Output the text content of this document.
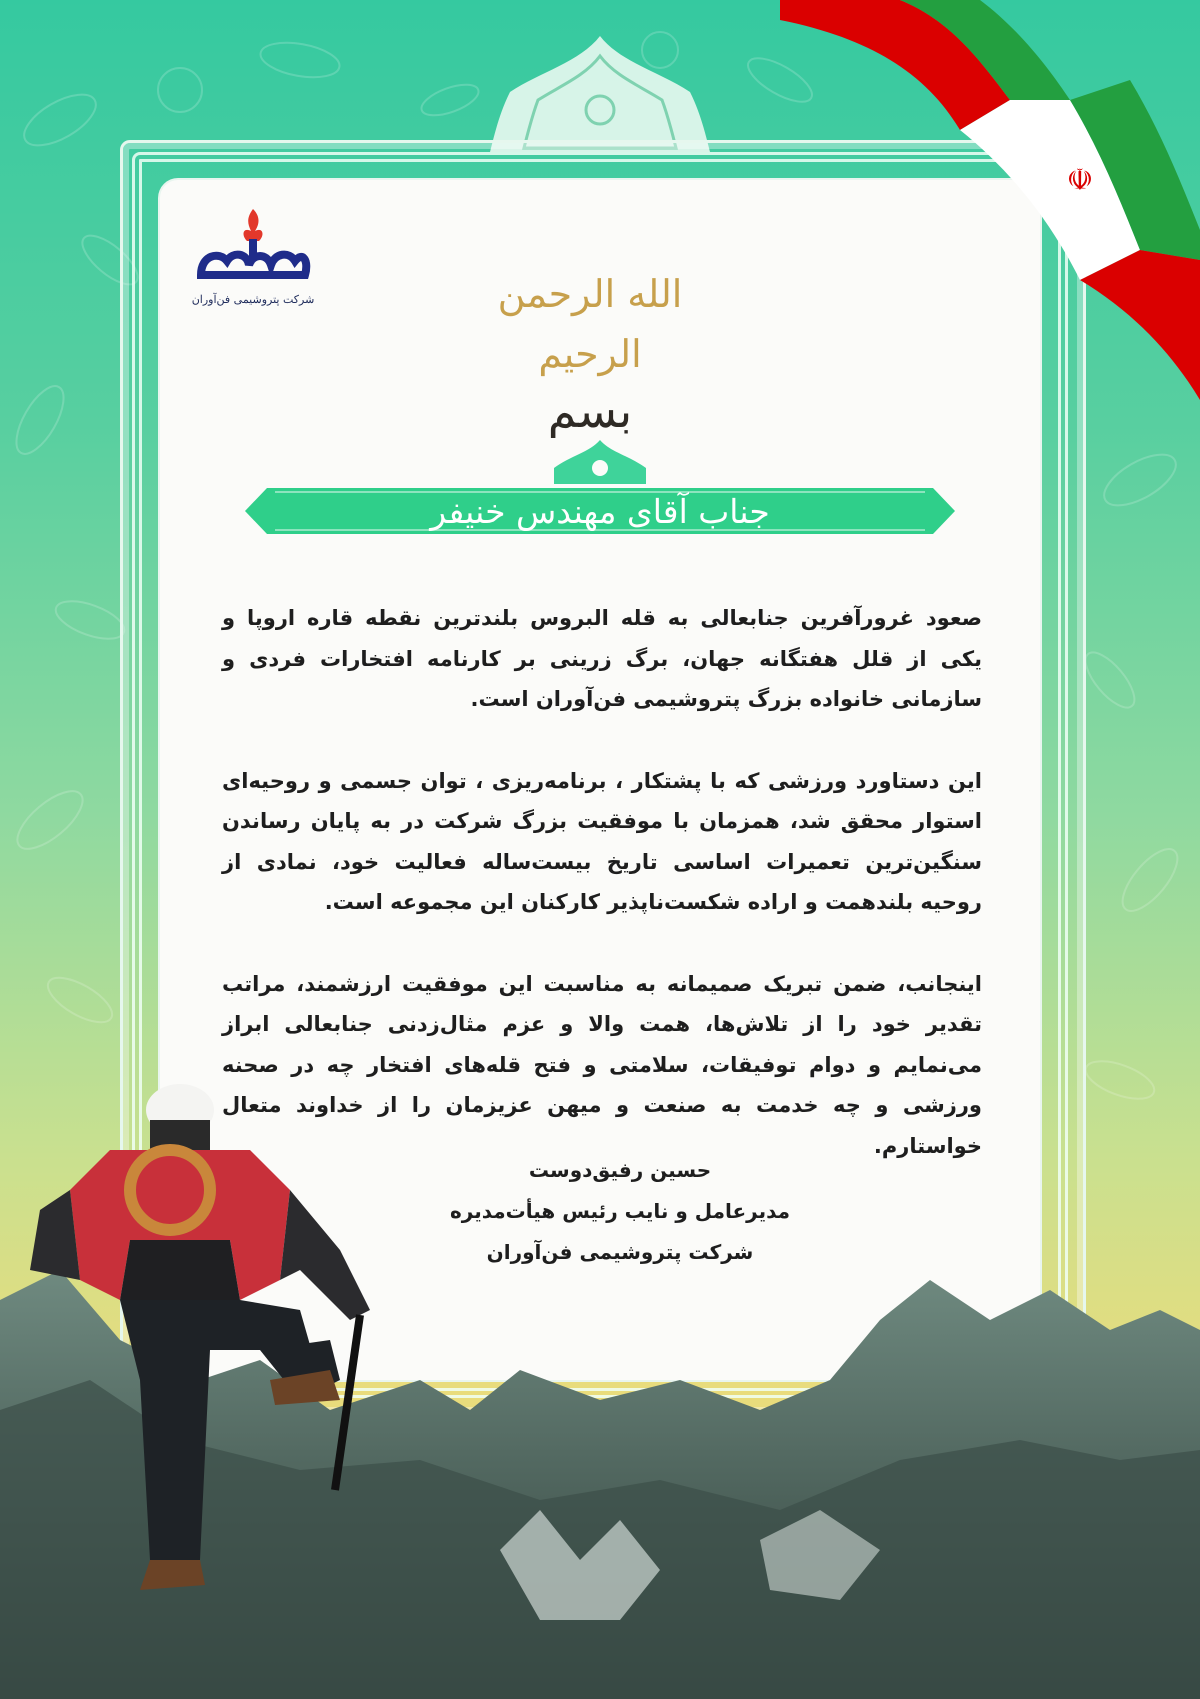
☫
شرکت پتروشیمی فن‌آوران	الله الرحمن الرحیم
بسم
جناب آقای مهندس خنیفر

صعود غرورآفرین جنابعالی به قله البروس بلندترین نقطه قاره اروپا و یکی از قلل هفتگانه جهان، برگ زرینی بر کارنامه افتخارات فردی و سازمانی خانواده بزرگ پتروشیمی فن‌آوران است.

این دستاورد ورزشی که با پشتکار ، برنامه‌ریزی ، توان جسمی و روحیه‌ای استوار محقق شد، همزمان با موفقیت بزرگ شرکت در به پایان رساندن سنگین‌ترین تعمیرات اساسی تاریخ بیست‌ساله فعالیت خود، نمادی از روحیه بلندهمت و اراده شکست‌ناپذیر کارکنان این مجموعه است.

اینجانب، ضمن تبریک صمیمانه به مناسبت این موفقیت ارزشمند، مراتب تقدیر خود را از تلاش‌ها، همت والا و عزم مثال‌زدنی جنابعالی ابراز می‌نمایم و دوام توفیقات، سلامتی و فتح قله‌های افتخار چه در صحنه ورزشی و چه خدمت به صنعت و میهن عزیزمان را از خداوند متعال خواستارم.

حسین رفیق‌دوست
مدیرعامل و نایب رئیس هیأت‌مدیره
شرکت پتروشیمی فن‌آوران
